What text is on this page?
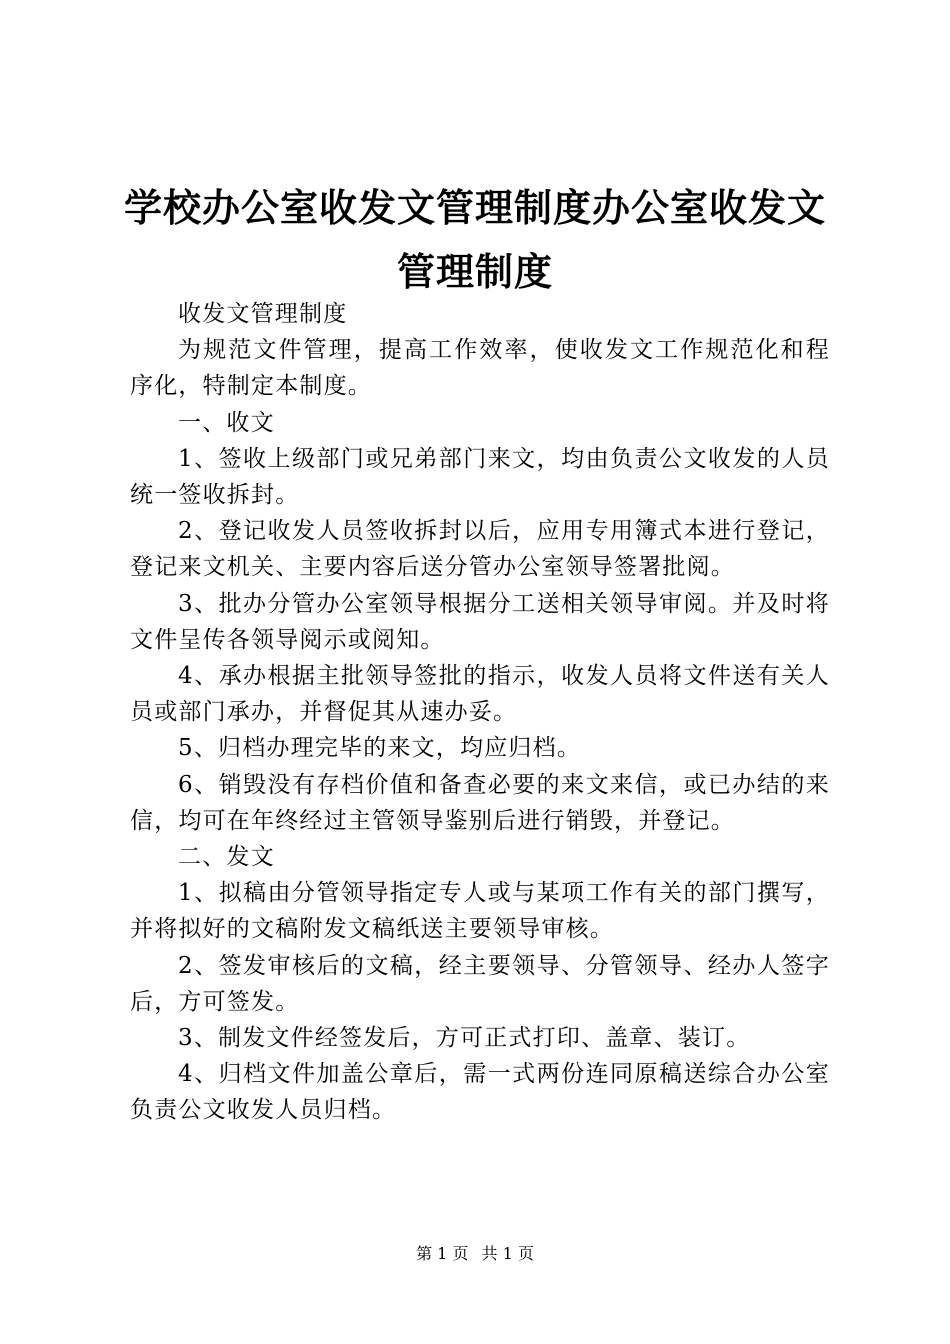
学校办公室收发文管理制度办公室收发文管理制度

收发文管理制度

为规范文件管理，提高工作效率，使收发文工作规范化和程序化，特制定本制度。

一、收文

1、签收上级部门或兄弟部门来文，均由负责公文收发的人员统一签收拆封。

2、登记收发人员签收拆封以后，应用专用簿式本进行登记，登记来文机关、主要内容后送分管办公室领导签署批阅。

3、批办分管办公室领导根据分工送相关领导审阅。并及时将文件呈传各领导阅示或阅知。

4、承办根据主批领导签批的指示，收发人员将文件送有关人员或部门承办，并督促其从速办妥。

5、归档办理完毕的来文，均应归档。

6、销毁没有存档价值和备查必要的来文来信，或已办结的来信，均可在年终经过主管领导鉴别后进行销毁，并登记。

二、发文

1、拟稿由分管领导指定专人或与某项工作有关的部门撰写，并将拟好的文稿附发文稿纸送主要领导审核。

2、签发审核后的文稿，经主要领导、分管领导、经办人签字后，方可签发。

3、制发文件经签发后，方可正式打印、盖章、装订。

4、归档文件加盖公章后，需一式两份连同原稿送综合办公室负责公文收发人员归档。

第 1 页 共 1 页
